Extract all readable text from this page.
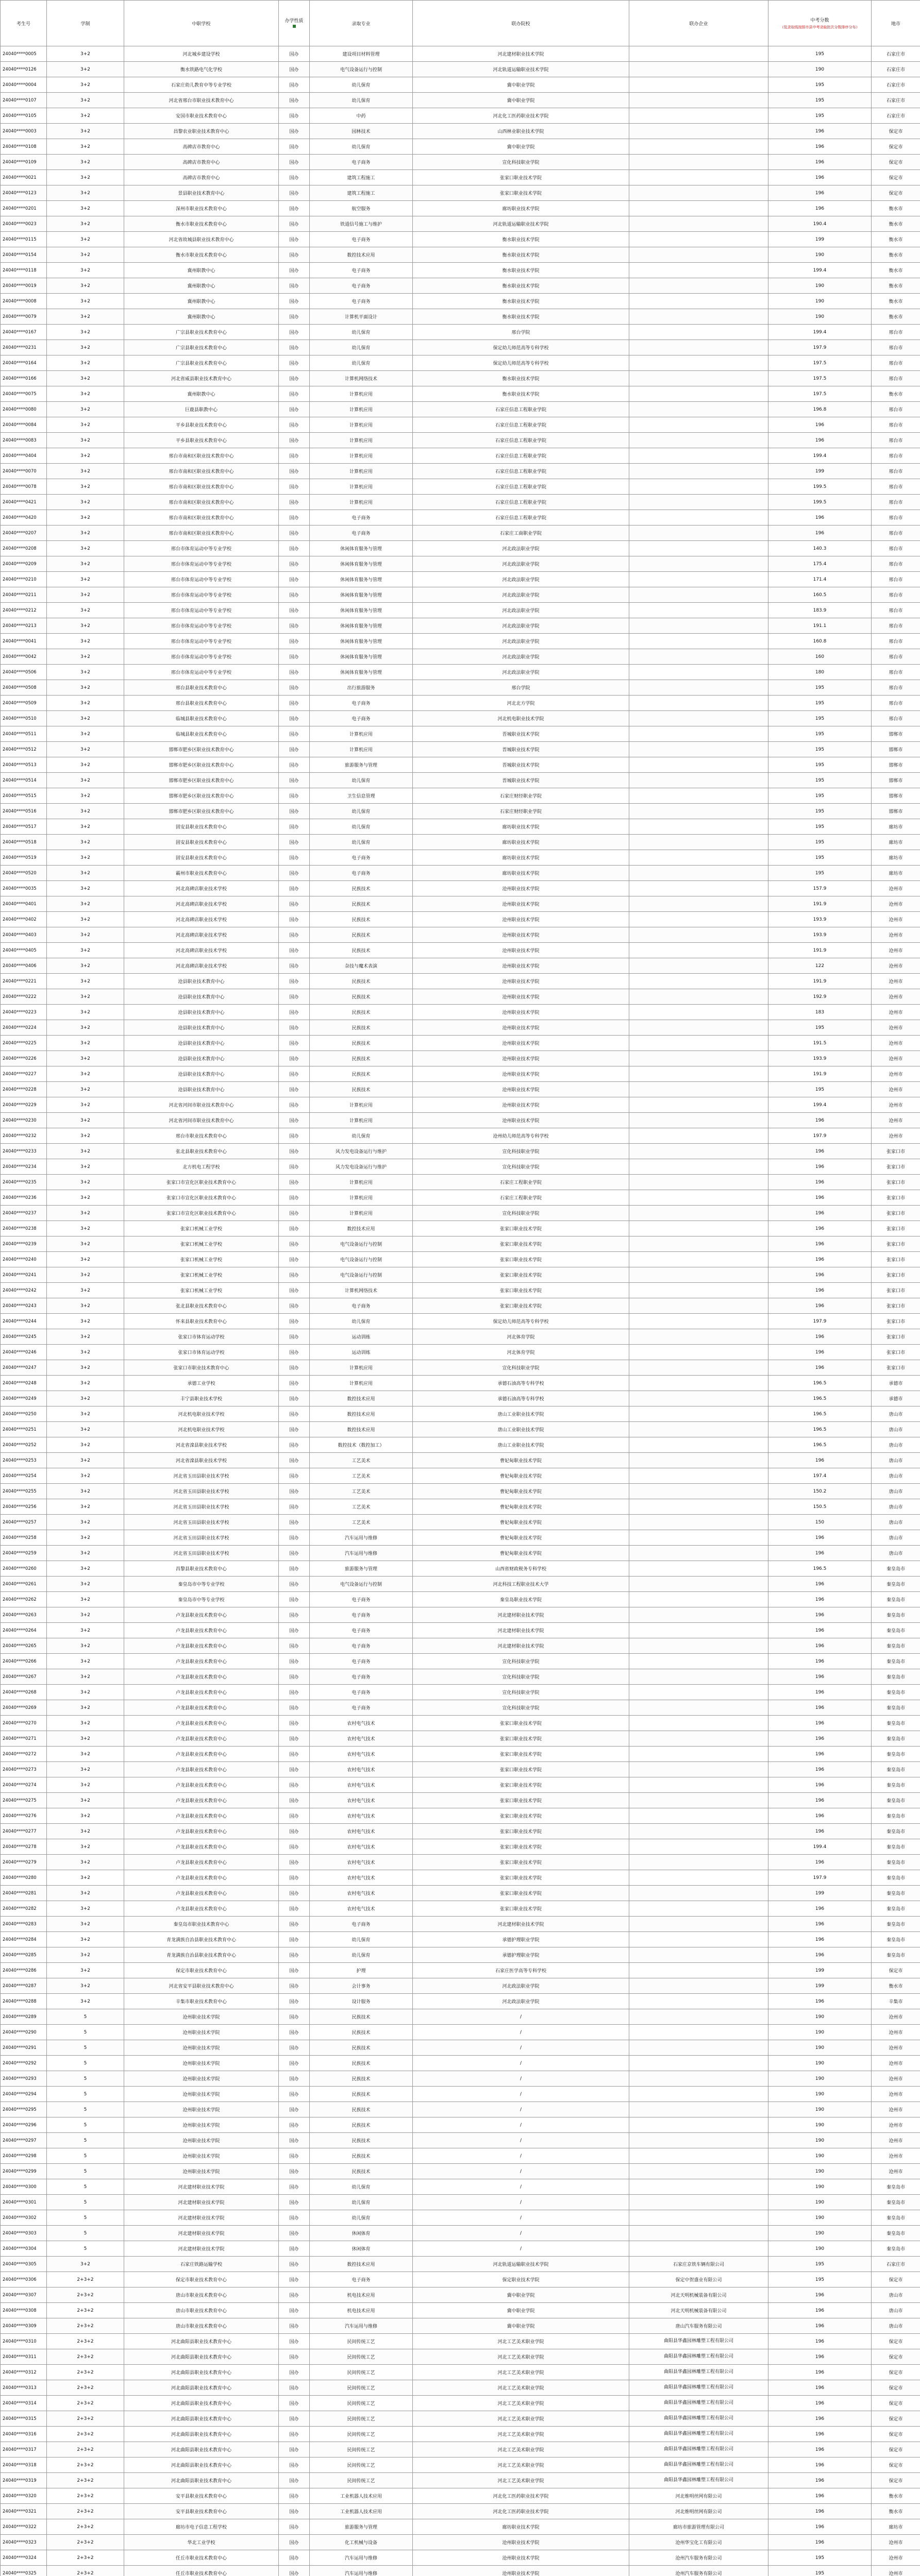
考生号	学制	中职学校	办学性质	录取专业	联办院校	联办企业	中考分数
（低录取线按照市县中考录取批次分数排序分布）	地市
24040****0005	3+2	河北城乡建设学校	国办	建设项目材料管理	河北建材职业技术学院		195	石家庄市
24040****0126	3+2	衡水铁路电气化学校	国办	电气设备运行与控制	河北轨道运输职业技术学院		190	石家庄市
24040****0004	3+2	石家庄幼儿教育中等专业学校	国办	幼儿保育	冀中职业学院		195	石家庄市
24040****0107	3+2	河北省邢台市职业技术教育中心	国办	幼儿保育	冀中职业学院		195	石家庄市
24040****0105	3+2	安国市职业技术教育中心	国办	中药	河北化工医药职业技术学院		195	石家庄市
24040****0003	3+2	昌黎农业职业技术教育中心	国办	园林技术	山西林业职业技术学院		196	保定市
24040****0108	3+2	高碑店市教育中心	国办	幼儿保育	冀中职业学院		196	保定市
24040****0109	3+2	高碑店市教育中心	国办	电子商务	宣化科技职业学院		196	保定市
24040****0021	3+2	高碑店市教育中心	国办	建筑工程施工	张家口职业技术学院		196	保定市
24040****0123	3+2	景县职业技术教育中心	国办	建筑工程施工	张家口职业技术学院		196	保定市
24040****0201	3+2	深州市职业技术教育中心	国办	航空服务	廊坊职业技术学院		196	衡水市
24040****0023	3+2	衡水市职业技术教育中心	国办	铁道信号施工与维护	河北轨道运输职业技术学院		190.4	衡水市
24040****0115	3+2	河北省故城县职业技术教育中心	国办	电子商务	衡水职业技术学院		199	衡水市
24040****0154	3+2	衡水市职业技术教育中心	国办	数控技术应用	衡水职业技术学院		190	衡水市
24040****0118	3+2	冀州职教中心	国办	电子商务	衡水职业技术学院		199.4	衡水市
24040****0019	3+2	冀州职教中心	国办	电子商务	衡水职业技术学院		190	衡水市
24040****0008	3+2	冀州职教中心	国办	电子商务	衡水职业技术学院		190	衡水市
24040****0079	3+2	冀州职教中心	国办	计算机平面设计	衡水职业技术学院		190	衡水市
24040****0167	3+2	广宗县职业技术教育中心	国办	幼儿保育	邢台学院		199.4	邢台市
24040****0231	3+2	广宗县职业技术教育中心	国办	幼儿保育	保定幼儿师范高等专科学校		197.9	邢台市
24040****0164	3+2	广宗县职业技术教育中心	国办	幼儿保育	保定幼儿师范高等专科学校		197.5	邢台市
24040****0166	3+2	河北省威县职业技术教育中心	国办	计算机网络技术	衡水职业技术学院		197.5	邢台市
24040****0075	3+2	冀州职教中心	国办	计算机应用	衡水职业技术学院		197.5	衡水市
24040****0080	3+2	巨鹿县职教中心	国办	计算机应用	石家庄信息工程职业学院		196.8	邢台市
24040****0084	3+2	平乡县职业技术教育中心	国办	计算机应用	石家庄信息工程职业学院		196	邢台市
24040****0083	3+2	平乡县职业技术教育中心	国办	计算机应用	石家庄信息工程职业学院		196	邢台市
24040****0404	3+2	邢台市南和区职业技术教育中心	国办	计算机应用	石家庄信息工程职业学院		199.4	邢台市
24040****0070	3+2	邢台市南和区职业技术教育中心	国办	计算机应用	石家庄信息工程职业学院		199	邢台市
24040****0078	3+2	邢台市南和区职业技术教育中心	国办	计算机应用	石家庄信息工程职业学院		199.5	邢台市
24040****0421	3+2	邢台市南和区职业技术教育中心	国办	计算机应用	石家庄信息工程职业学院		199.5	邢台市
24040****0420	3+2	邢台市南和区职业技术教育中心	国办	电子商务	石家庄信息工程职业学院		196	邢台市
24040****0207	3+2	邢台市南和区职业技术教育中心	国办	电子商务	石家庄工商职业学院		196	邢台市
24040****0208	3+2	邢台市体育运动中等专业学校	国办	休闲体育服务与管理	河北政法职业学院		140.3	邢台市
24040****0209	3+2	邢台市体育运动中等专业学校	国办	休闲体育服务与管理	河北政法职业学院		175.4	邢台市
24040****0210	3+2	邢台市体育运动中等专业学校	国办	休闲体育服务与管理	河北政法职业学院		171.4	邢台市
24040****0211	3+2	邢台市体育运动中等专业学校	国办	休闲体育服务与管理	河北政法职业学院		160.5	邢台市
24040****0212	3+2	邢台市体育运动中等专业学校	国办	休闲体育服务与管理	河北政法职业学院		183.9	邢台市
24040****0213	3+2	邢台市体育运动中等专业学校	国办	休闲体育服务与管理	河北政法职业学院		191.1	邢台市
24040****0041	3+2	邢台市体育运动中等专业学校	国办	休闲体育服务与管理	河北政法职业学院		160.8	邢台市
24040****0042	3+2	邢台市体育运动中等专业学校	国办	休闲体育服务与管理	河北政法职业学院		160	邢台市
24040****0506	3+2	邢台市体育运动中等专业学校	国办	休闲体育服务与管理	河北政法职业学院		180	邢台市
24040****0508	3+2	邢台县职业技术教育中心	国办	出行旅游服务	邢台学院		195	邢台市
24040****0509	3+2	邢台县职业技术教育中心	国办	电子商务	河北北方学院		195	邢台市
24040****0510	3+2	临城县职业技术教育中心	国办	电子商务	河北机电职业技术学院		195	邢台市
24040****0511	3+2	临城县职业技术教育中心	国办	计算机应用	晋城职业技术学院		195	邯郸市
24040****0512	3+2	邯郸市肥乡区职业技术教育中心	国办	计算机应用	晋城职业技术学院		195	邯郸市
24040****0513	3+2	邯郸市肥乡区职业技术教育中心	国办	旅游服务与管理	晋城职业技术学院		195	邯郸市
24040****0514	3+2	邯郸市肥乡区职业技术教育中心	国办	幼儿保育	晋城职业技术学院		195	邯郸市
24040****0515	3+2	邯郸市肥乡区职业技术教育中心	国办	卫生信息管理	石家庄财经职业学院		195	邯郸市
24040****0516	3+2	邯郸市肥乡区职业技术教育中心	国办	幼儿保育	石家庄财经职业学院		195	邯郸市
24040****0517	3+2	固安县职业技术教育中心	国办	幼儿保育	廊坊职业技术学院		195	廊坊市
24040****0518	3+2	固安县职业技术教育中心	国办	幼儿保育	廊坊职业技术学院		195	廊坊市
24040****0519	3+2	固安县职业技术教育中心	国办	电子商务	廊坊职业技术学院		195	廊坊市
24040****0520	3+2	霸州市职业技术教育中心	国办	电子商务	廊坊职业技术学院		195	廊坊市
24040****0035	3+2	河北高碑店职业技术学校	国办	民族技术	沧州职业技术学院		157.9	沧州市
24040****0401	3+2	河北高碑店职业技术学校	国办	民族技术	沧州职业技术学院		191.9	沧州市
24040****0402	3+2	河北高碑店职业技术学校	国办	民族技术	沧州职业技术学院		193.9	沧州市
24040****0403	3+2	河北高碑店职业技术学校	国办	民族技术	沧州职业技术学院		193.9	沧州市
24040****0405	3+2	河北高碑店职业技术学校	国办	民族技术	沧州职业技术学院		191.9	沧州市
24040****0406	3+2	河北高碑店职业技术学校	国办	杂技与魔术表演	沧州职业技术学院		122	沧州市
24040****0221	3+2	沧县职业技术教育中心	国办	民族技术	沧州职业技术学院		191.9	沧州市
24040****0222	3+2	沧县职业技术教育中心	国办	民族技术	沧州职业技术学院		192.9	沧州市
24040****0223	3+2	沧县职业技术教育中心	国办	民族技术	沧州职业技术学院		183	沧州市
24040****0224	3+2	沧县职业技术教育中心	国办	民族技术	沧州职业技术学院		195	沧州市
24040****0225	3+2	沧县职业技术教育中心	国办	民族技术	沧州职业技术学院		191.5	沧州市
24040****0226	3+2	沧县职业技术教育中心	国办	民族技术	沧州职业技术学院		193.9	沧州市
24040****0227	3+2	沧县职业技术教育中心	国办	民族技术	沧州职业技术学院		191.9	沧州市
24040****0228	3+2	沧县职业技术教育中心	国办	民族技术	沧州职业技术学院		195	沧州市
24040****0229	3+2	河北省河间市职业技术教育中心	国办	计算机应用	沧州职业技术学院		199.4	沧州市
24040****0230	3+2	河北省河间市职业技术教育中心	国办	计算机应用	沧州职业技术学院		196	沧州市
24040****0232	3+2	邢台市职业技术教育中心	国办	幼儿保育	沧州幼儿师范高等专科学校		197.9	沧州市
24040****0233	3+2	张北县职业技术教育中心	国办	风力发电设备运行与维护	宣化科技职业学院		196	张家口市
24040****0234	3+2	北方机电工程学校	国办	风力发电设备运行与维护	宣化科技职业学院		196	张家口市
24040****0235	3+2	张家口市宣化区职业技术教育中心	国办	计算机应用	石家庄工程职业学院		196	张家口市
24040****0236	3+2	张家口市宣化区职业技术教育中心	国办	计算机应用	石家庄工程职业学院		196	张家口市
24040****0237	3+2	张家口市宣化区职业技术教育中心	国办	计算机应用	宣化科技职业学院		196	张家口市
24040****0238	3+2	张家口机械工业学校	国办	数控技术应用	张家口职业技术学院		196	张家口市
24040****0239	3+2	张家口机械工业学校	国办	电气设备运行与控制	张家口职业技术学院		196	张家口市
24040****0240	3+2	张家口机械工业学校	国办	电气设备运行与控制	张家口职业技术学院		196	张家口市
24040****0241	3+2	张家口机械工业学校	国办	电气设备运行与控制	张家口职业技术学院		196	张家口市
24040****0242	3+2	张家口机械工业学校	国办	计算机网络技术	张家口职业技术学院		196	张家口市
24040****0243	3+2	张北县职业技术教育中心	国办	电子商务	张家口职业技术学院		196	张家口市
24040****0244	3+2	怀来县职业技术教育中心	国办	幼儿保育	保定幼儿师范高等专科学校		197.9	张家口市
24040****0245	3+2	张家口市体育运动学校	国办	运动训练	河北体育学院		196	张家口市
24040****0246	3+2	张家口市体育运动学校	国办	运动训练	河北体育学院		196	张家口市
24040****0247	3+2	张家口市职业技术教育中心	国办	计算机应用	宣化科技职业学院		196	张家口市
24040****0248	3+2	承德工业学校	国办	计算机应用	承德石油高等专科学校		196.5	承德市
24040****0249	3+2	丰宁县职业技术学校	国办	数控技术应用	承德石油高等专科学校		196.5	承德市
24040****0250	3+2	河北机电职业技术学校	国办	数控技术应用	唐山工业职业技术学院		196.5	唐山市
24040****0251	3+2	河北机电职业技术学校	国办	数控技术应用	唐山工业职业技术学院		196.5	唐山市
24040****0252	3+2	河北省滦县职业技术学校	国办	数控技术（数控加工）	唐山工业职业技术学院		196.5	唐山市
24040****0253	3+2	河北省滦县职业技术学校	国办	工艺美术	曹妃甸职业技术学院		196	唐山市
24040****0254	3+2	河北省玉田县职业技术学校	国办	工艺美术	曹妃甸职业技术学院		197.4	唐山市
24040****0255	3+2	河北省玉田县职业技术学校	国办	工艺美术	曹妃甸职业技术学院		150.2	唐山市
24040****0256	3+2	河北省玉田县职业技术学校	国办	工艺美术	曹妃甸职业技术学院		150.5	唐山市
24040****0257	3+2	河北省玉田县职业技术学校	国办	工艺美术	曹妃甸职业技术学院		150	唐山市
24040****0258	3+2	河北省玉田县职业技术学校	国办	汽车运用与维修	曹妃甸职业技术学院		196	唐山市
24040****0259	3+2	河北省玉田县职业技术学校	国办	汽车运用与维修	曹妃甸职业技术学院		196	唐山市
24040****0260	3+2	昌黎县职业技术教育中心	国办	旅游服务与管理	山西省财政税务专科学校		196.5	秦皇岛市
24040****0261	3+2	秦皇岛市中等专业学校	国办	电气设备运行与控制	河北科技工程职业技术大学		196	秦皇岛市
24040****0262	3+2	秦皇岛市中等专业学校	国办	电子商务	秦皇岛职业技术学院		196	秦皇岛市
24040****0263	3+2	卢龙县职业技术教育中心	国办	电子商务	河北建材职业技术学院		196	秦皇岛市
24040****0264	3+2	卢龙县职业技术教育中心	国办	电子商务	河北建材职业技术学院		196	秦皇岛市
24040****0265	3+2	卢龙县职业技术教育中心	国办	电子商务	河北建材职业技术学院		196	秦皇岛市
24040****0266	3+2	卢龙县职业技术教育中心	国办	电子商务	宣化科技职业学院		196	秦皇岛市
24040****0267	3+2	卢龙县职业技术教育中心	国办	电子商务	宣化科技职业学院		196	秦皇岛市
24040****0268	3+2	卢龙县职业技术教育中心	国办	电子商务	宣化科技职业学院		196	秦皇岛市
24040****0269	3+2	卢龙县职业技术教育中心	国办	电子商务	宣化科技职业学院		196	秦皇岛市
24040****0270	3+2	卢龙县职业技术教育中心	国办	农村电气技术	张家口职业技术学院		196	秦皇岛市
24040****0271	3+2	卢龙县职业技术教育中心	国办	农村电气技术	张家口职业技术学院		196	秦皇岛市
24040****0272	3+2	卢龙县职业技术教育中心	国办	农村电气技术	张家口职业技术学院		196	秦皇岛市
24040****0273	3+2	卢龙县职业技术教育中心	国办	农村电气技术	张家口职业技术学院		196	秦皇岛市
24040****0274	3+2	卢龙县职业技术教育中心	国办	农村电气技术	张家口职业技术学院		196	秦皇岛市
24040****0275	3+2	卢龙县职业技术教育中心	国办	农村电气技术	张家口职业技术学院		196	秦皇岛市
24040****0276	3+2	卢龙县职业技术教育中心	国办	农村电气技术	张家口职业技术学院		196	秦皇岛市
24040****0277	3+2	卢龙县职业技术教育中心	国办	农村电气技术	张家口职业技术学院		196	秦皇岛市
24040****0278	3+2	卢龙县职业技术教育中心	国办	农村电气技术	张家口职业技术学院		199.4	秦皇岛市
24040****0279	3+2	卢龙县职业技术教育中心	国办	农村电气技术	张家口职业技术学院		196	秦皇岛市
24040****0280	3+2	卢龙县职业技术教育中心	国办	农村电气技术	张家口职业技术学院		197.9	秦皇岛市
24040****0281	3+2	卢龙县职业技术教育中心	国办	农村电气技术	张家口职业技术学院		199	秦皇岛市
24040****0282	3+2	卢龙县职业技术教育中心	国办	农村电气技术	张家口职业技术学院		196	秦皇岛市
24040****0283	3+2	秦皇岛市职业技术教育中心	国办	电子商务	河北建材职业技术学院		196	秦皇岛市
24040****0284	3+2	青龙满族自治县职业技术教育中心	国办	幼儿保育	承德护理职业学院		196	秦皇岛市
24040****0285	3+2	青龙满族自治县职业技术教育中心	国办	幼儿保育	承德护理职业学院		196	秦皇岛市
24040****0286	3+2	保定市职业技术教育中心	国办	护理	石家庄医学高等专科学校		199	保定市
24040****0287	3+2	河北省安平县职业技术教育中心	国办	会计事务	河北政法职业学院		199	衡水市
24040****0288	3+2	辛集市职业技术教育中心	国办	设计服务	河北政法职业学院		196	辛集市
24040****0289	5	沧州职业技术学院	国办	民族技术	/		190	沧州市
24040****0290	5	沧州职业技术学院	国办	民族技术	/		190	沧州市
24040****0291	5	沧州职业技术学院	国办	民族技术	/		190	沧州市
24040****0292	5	沧州职业技术学院	国办	民族技术	/		190	沧州市
24040****0293	5	沧州职业技术学院	国办	民族技术	/		190	沧州市
24040****0294	5	沧州职业技术学院	国办	民族技术	/		190	沧州市
24040****0295	5	沧州职业技术学院	国办	民族技术	/		190	沧州市
24040****0296	5	沧州职业技术学院	国办	民族技术	/		190	沧州市
24040****0297	5	沧州职业技术学院	国办	民族技术	/		190	沧州市
24040****0298	5	沧州职业技术学院	国办	民族技术	/		190	沧州市
24040****0299	5	沧州职业技术学院	国办	民族技术	/		190	沧州市
24040****0300	5	河北建材职业技术学院	国办	幼儿保育	/		190	秦皇岛市
24040****0301	5	河北建材职业技术学院	国办	幼儿保育	/		190	秦皇岛市
24040****0302	5	河北建材职业技术学院	国办	幼儿保育	/		190	秦皇岛市
24040****0303	5	河北建材职业技术学院	国办	休闲体育	/		190	秦皇岛市
24040****0304	5	河北建材职业技术学院	国办	休闲体育	/		190	秦皇岛市
24040****0305	3+2	石家庄铁路运输学校	国办	数控技术应用	河北轨道运输职业技术学院	石家庄京铁车辆有限公司	195	石家庄市
24040****0306	2+3+2	保定市职业技术教育中心	国办	电子商务	保定职业技术学院	保定中贺盛业有限公司	195	保定市
24040****0307	2+3+2	唐山市职业技术教育中心	国办	机电技术应用	冀中职业学院	河北天明机械装备有限公司	196	唐山市
24040****0308	2+3+2	唐山市职业技术教育中心	国办	机电技术应用	冀中职业学院	河北天明机械装备有限公司	196	唐山市
24040****0309	2+3+2	唐山市职业技术教育中心	国办	汽车运用与维修	冀中职业学院	唐山汽车服务有限公司	196	唐山市
24040****0310	2+3+2	河北曲阳县职业技术教育中心	国办	民间传统工艺	河北工艺美术职业学院	曲阳县华鑫园林雕塑工程有限公司	196	保定市
24040****0311	2+3+2	河北曲阳县职业技术教育中心	国办	民间传统工艺	河北工艺美术职业学院	曲阳县华鑫园林雕塑工程有限公司	196	保定市
24040****0312	2+3+2	河北曲阳县职业技术教育中心	国办	民间传统工艺	河北工艺美术职业学院	曲阳县华鑫园林雕塑工程有限公司	196	保定市
24040****0313	2+3+2	河北曲阳县职业技术教育中心	国办	民间传统工艺	河北工艺美术职业学院	曲阳县华鑫园林雕塑工程有限公司	196	保定市
24040****0314	2+3+2	河北曲阳县职业技术教育中心	国办	民间传统工艺	河北工艺美术职业学院	曲阳县华鑫园林雕塑工程有限公司	196	保定市
24040****0315	2+3+2	河北曲阳县职业技术教育中心	国办	民间传统工艺	河北工艺美术职业学院	曲阳县华鑫园林雕塑工程有限公司	196	保定市
24040****0316	2+3+2	河北曲阳县职业技术教育中心	国办	民间传统工艺	河北工艺美术职业学院	曲阳县华鑫园林雕塑工程有限公司	196	保定市
24040****0317	2+3+2	河北曲阳县职业技术教育中心	国办	民间传统工艺	河北工艺美术职业学院	曲阳县华鑫园林雕塑工程有限公司	196	保定市
24040****0318	2+3+2	河北曲阳县职业技术教育中心	国办	民间传统工艺	河北工艺美术职业学院	曲阳县华鑫园林雕塑工程有限公司	196	保定市
24040****0319	2+3+2	河北曲阳县职业技术教育中心	国办	民间传统工艺	河北工艺美术职业学院	曲阳县华鑫园林雕塑工程有限公司	196	保定市
24040****0320	2+3+2	安平县职业技术教育中心	国办	工业机器人技术应用	河北化工医药职业技术学院	河北维明丝网有限公司	196	衡水市
24040****0321	2+3+2	安平县职业技术教育中心	国办	工业机器人技术应用	河北化工医药职业技术学院	河北维明丝网有限公司	196	衡水市
24040****0322	2+3+2	廊坊市电子信息工程学校	国办	旅游服务与管理	廊坊职业技术学院	廊坊市旅游管理有限公司	196	廊坊市
24040****0323	2+3+2	华北工业学校	国办	化工机械与设备	沧州职业技术学院	沧州华宝化工有限公司	196	沧州市
24040****0324	2+3+2	任丘市职业技术教育中心	国办	汽车运用与维修	沧州职业技术学院	沧州汽车服务有限公司	195	沧州市
24040****0325	2+3+2	任丘市职业技术教育中心	国办	汽车运用与维修	沧州职业技术学院	沧州汽车服务有限公司	195	沧州市
